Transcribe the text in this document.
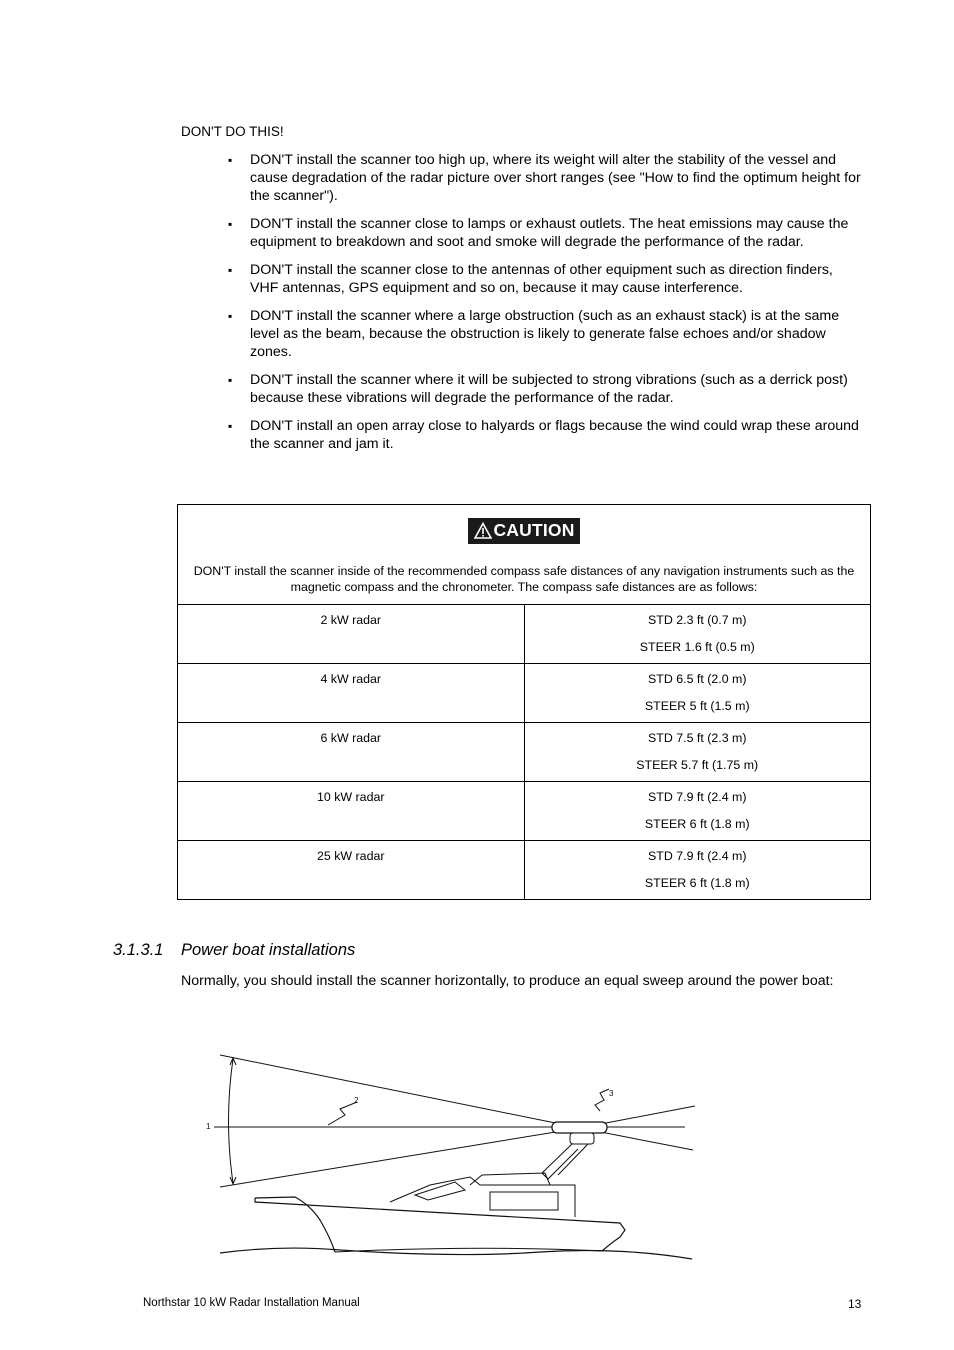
DON'T DO THIS!
▪ DON'T install the scanner too high up, where its weight will alter the stability of the vessel and cause degradation of the radar picture over short ranges (see "How to find the optimum height for the scanner").
▪ DON'T install the scanner close to lamps or exhaust outlets. The heat emissions may cause the equipment to breakdown and soot and smoke will degrade the performance of the radar.
▪ DON'T install the scanner close to the antennas of other equipment such as direction finders, VHF antennas, GPS equipment and so on, because it may cause interference.
▪ DON'T install the scanner where a large obstruction (such as an exhaust stack) is at the same level as the beam, because the obstruction is likely to generate false echoes and/or shadow zones.
▪ DON'T install the scanner where it will be subjected to strong vibrations (such as a derrick post) because these vibrations will degrade the performance of the radar.
▪ DON'T install an open array close to halyards or flags because the wind could wrap these around the scanner and jam it.
CAUTION
DON'T install the scanner inside of the recommended compass safe distances of any navigation instruments such as the magnetic compass and the chronometer. The compass safe distances are as follows:	

2 kW radar	STD 2.3 ft (0.7 m)
STEER 1.6 ft (0.5 m)

4 kW radar	STD 6.5 ft (2.0 m)
STEER 5 ft (1.5 m)

6 kW radar	STD 7.5 ft (2.3 m)
STEER 5.7 ft (1.75 m)

10 kW radar	STD 7.9 ft (2.4 m)
STEER 6 ft (1.8 m)

25 kW radar	STD 7.9 ft (2.4 m)
STEER 6 ft (1.8 m)
3.1.3.1 Power boat installations
Normally, you should install the scanner horizontally, to produce an equal sweep around the power boat:
1
2
3
Northstar 10 kW Radar Installation Manual	13
